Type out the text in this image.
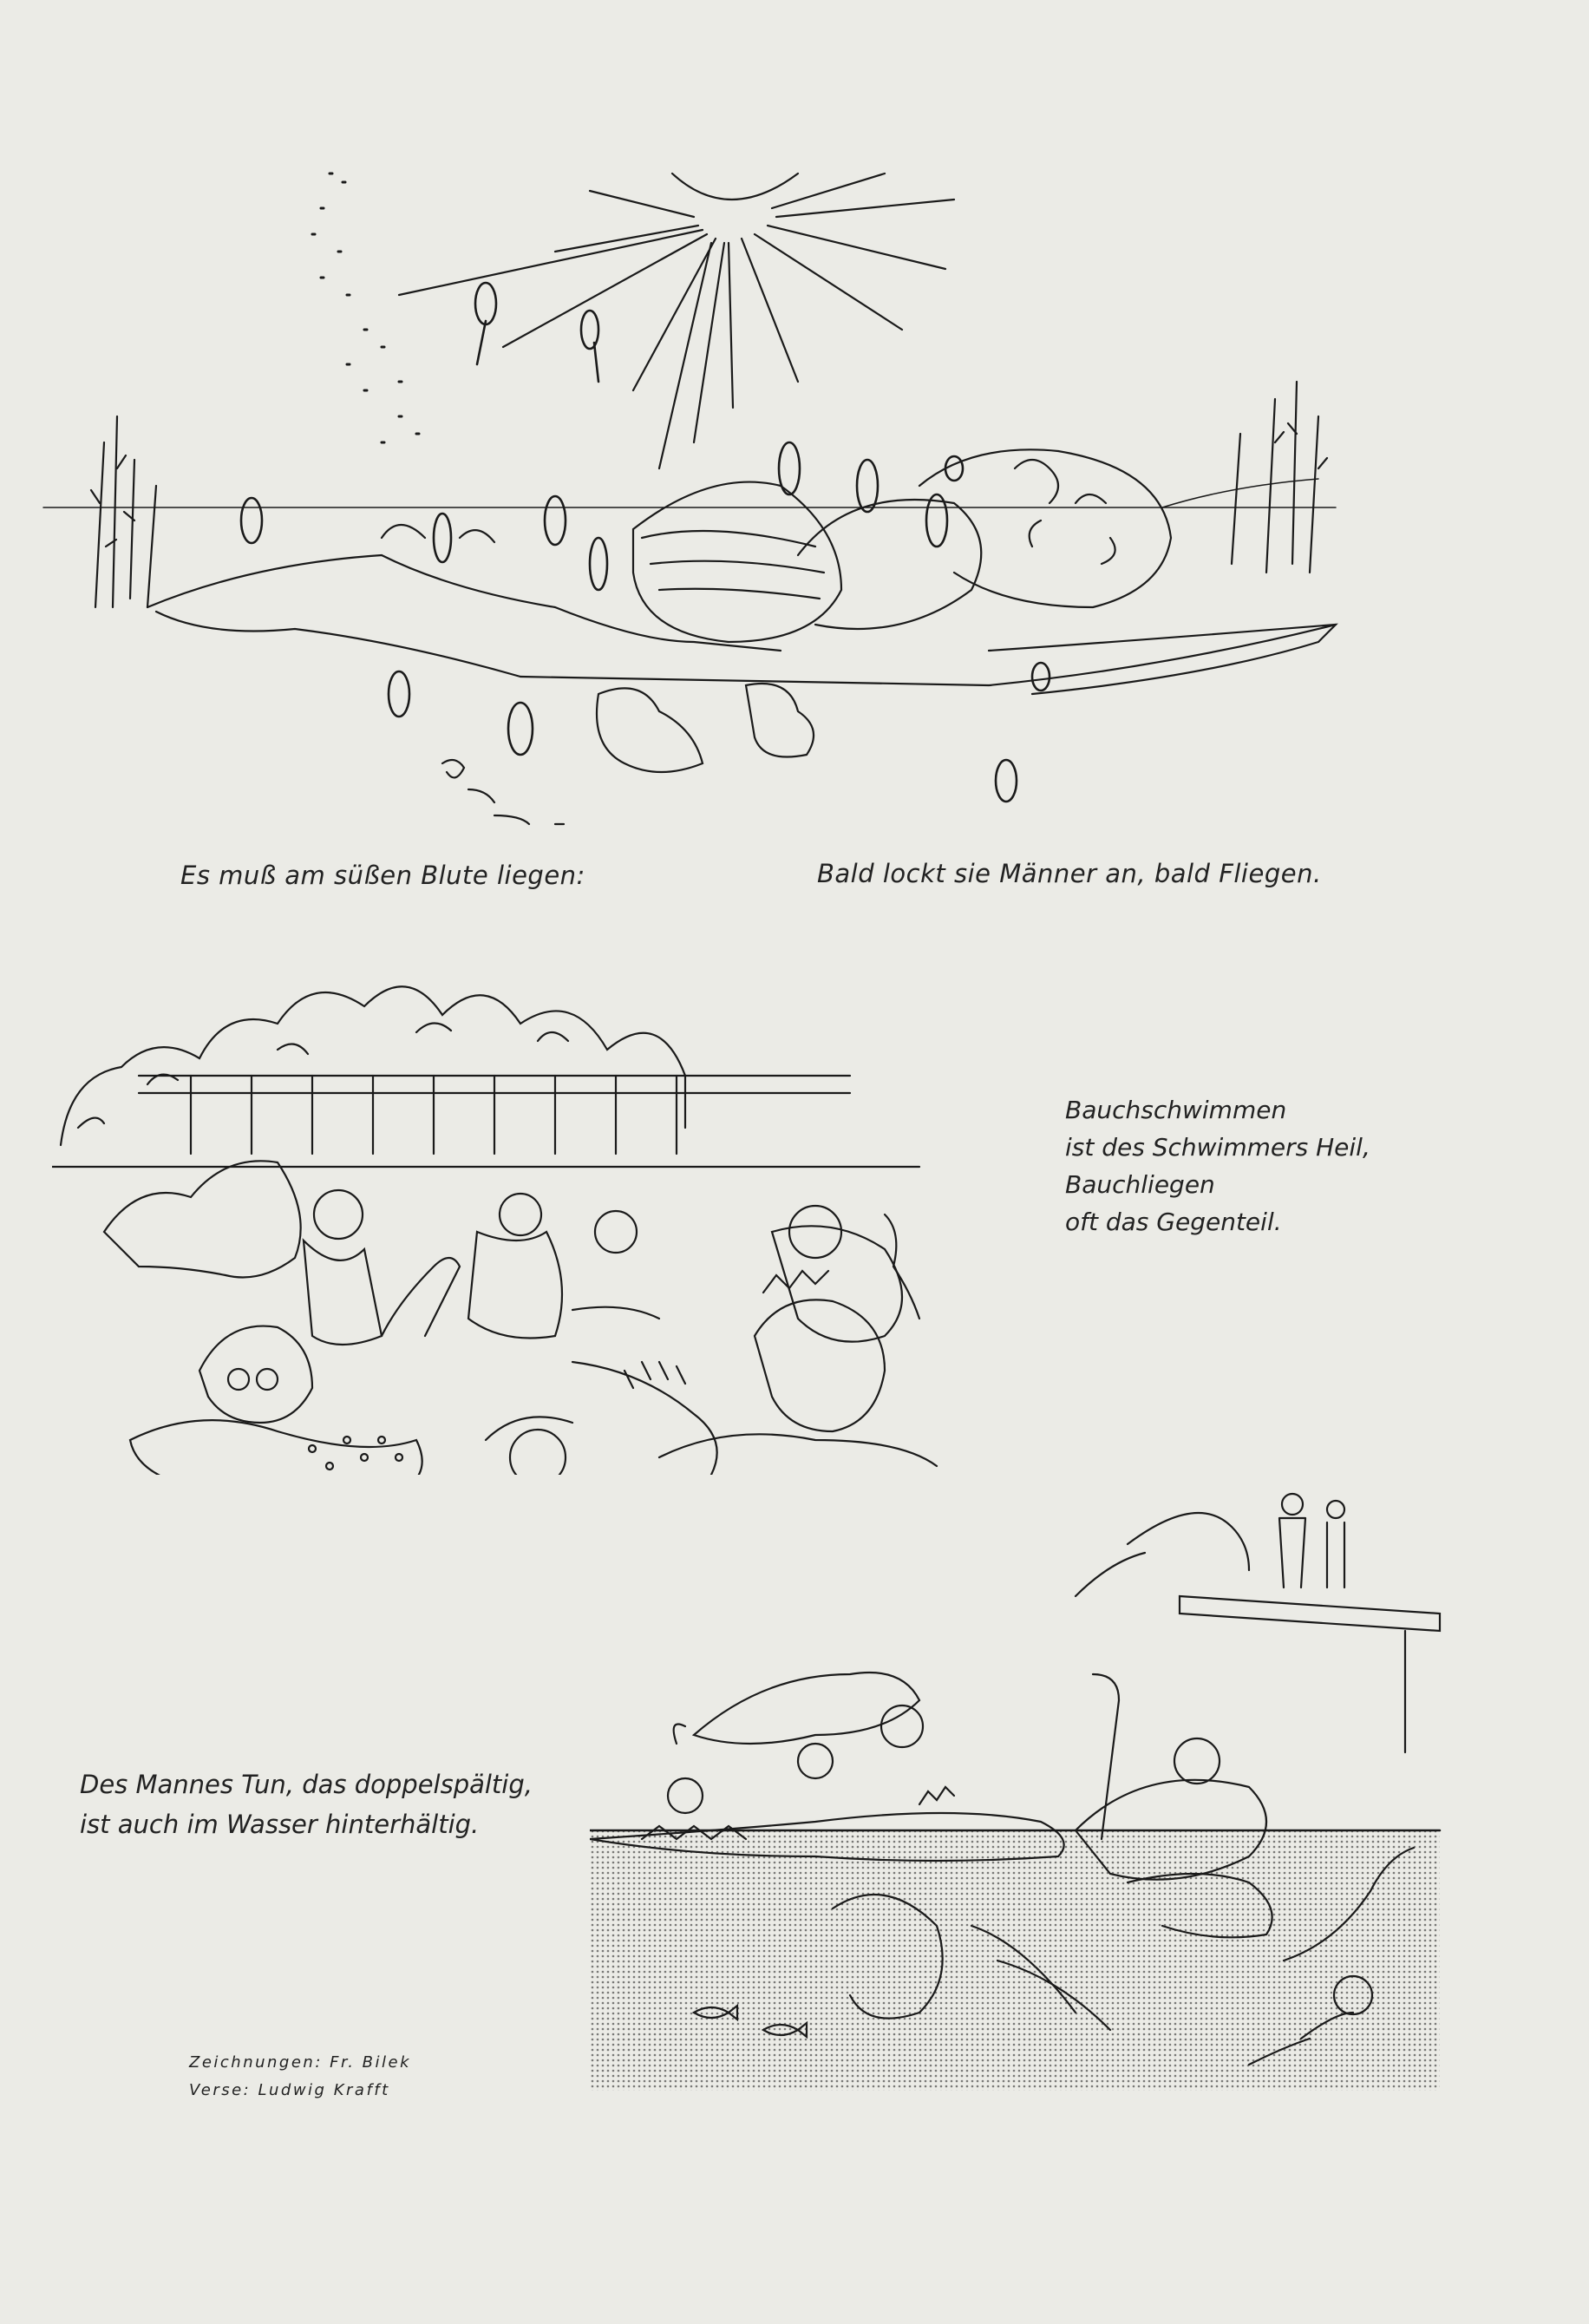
Es muß am süßen Blute liegen:	Bald lockt sie Männer an, bald Fliegen.
Bauchschwimmen
ist des Schwimmers Heil,
Bauchliegen
oft das Gegenteil.
Des Mannes Tun, das doppelspältig,
ist auch im Wasser hinterhältig.
Zeichnungen: Fr. Bilek
Verse: Ludwig Krafft
